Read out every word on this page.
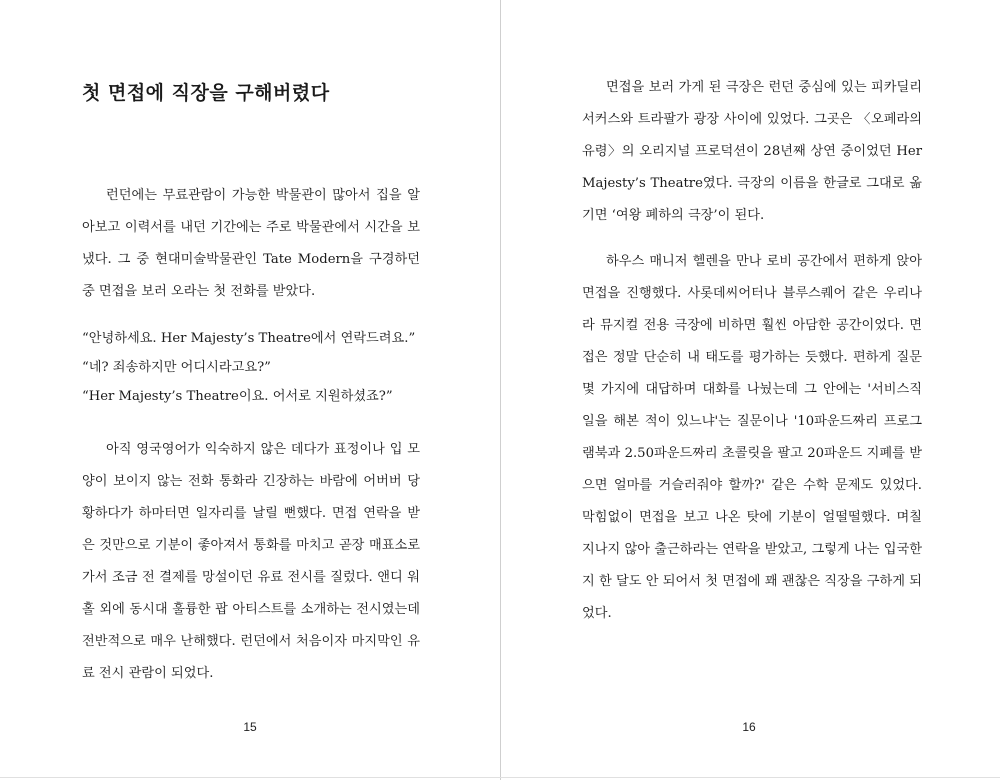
첫 면접에 직장을 구해버렸다

런던에는 무료관람이 가능한 박물관이 많아서 집을 알아보고 이력서를 내던 기간에는 주로 박물관에서 시간을 보냈다. 그 중 현대미술박물관인 Tate Modern을 구경하던 중 면접을 보러 오라는 첫 전화를 받았다.

“안녕하세요. Her Majesty’s Theatre에서 연락드려요.”
“네? 죄송하지만 어디시라고요?”
“Her Majesty’s Theatre이요. 어서로 지원하셨죠?”

아직 영국영어가 익숙하지 않은 데다가 표정이나 입 모양이 보이지 않는 전화 통화라 긴장하는 바람에 어버버 당황하다가 하마터면 일자리를 날릴 뻔했다. 면접 연락을 받은 것만으로 기분이 좋아져서 통화를 마치고 곧장 매표소로 가서 조금 전 결제를 망설이던 유료 전시를 질렀다. 앤디 워홀 외에 동시대 훌륭한 팝 아티스트를 소개하는 전시였는데 전반적으로 매우 난해했다. 런던에서 처음이자 마지막인 유료 전시 관람이 되었다.

15

면접을 보러 가게 된 극장은 런던 중심에 있는 피카딜리 서커스와 트라팔가 광장 사이에 있었다. 그곳은 〈오페라의 유령〉의 오리지널 프로덕션이 28년째 상연 중이었던 Her Majesty’s Theatre였다. 극장의 이름을 한글로 그대로 옮기면 ‘여왕 폐하의 극장’이 된다.

하우스 매니저 헬렌을 만나 로비 공간에서 편하게 앉아 면접을 진행했다. 사롯데씨어터나 블루스퀘어 같은 우리나라 뮤지컬 전용 극장에 비하면 훨씬 아담한 공간이었다. 면접은 정말 단순히 내 태도를 평가하는 듯했다. 편하게 질문 몇 가지에 대답하며 대화를 나눴는데 그 안에는 '서비스직 일을 해본 적이 있느냐'는 질문이나 '10파운드짜리 프로그램북과 2.50파운드짜리 초콜릿을 팔고 20파운드 지폐를 받으면 얼마를 거슬러줘야 할까?' 같은 수학 문제도 있었다. 막힘없이 면접을 보고 나온 탓에 기분이 얼떨떨했다. 며칠 지나지 않아 출근하라는 연락을 받았고, 그렇게 나는 입국한 지 한 달도 안 되어서 첫 면접에 꽤 괜찮은 직장을 구하게 되었다.

16
